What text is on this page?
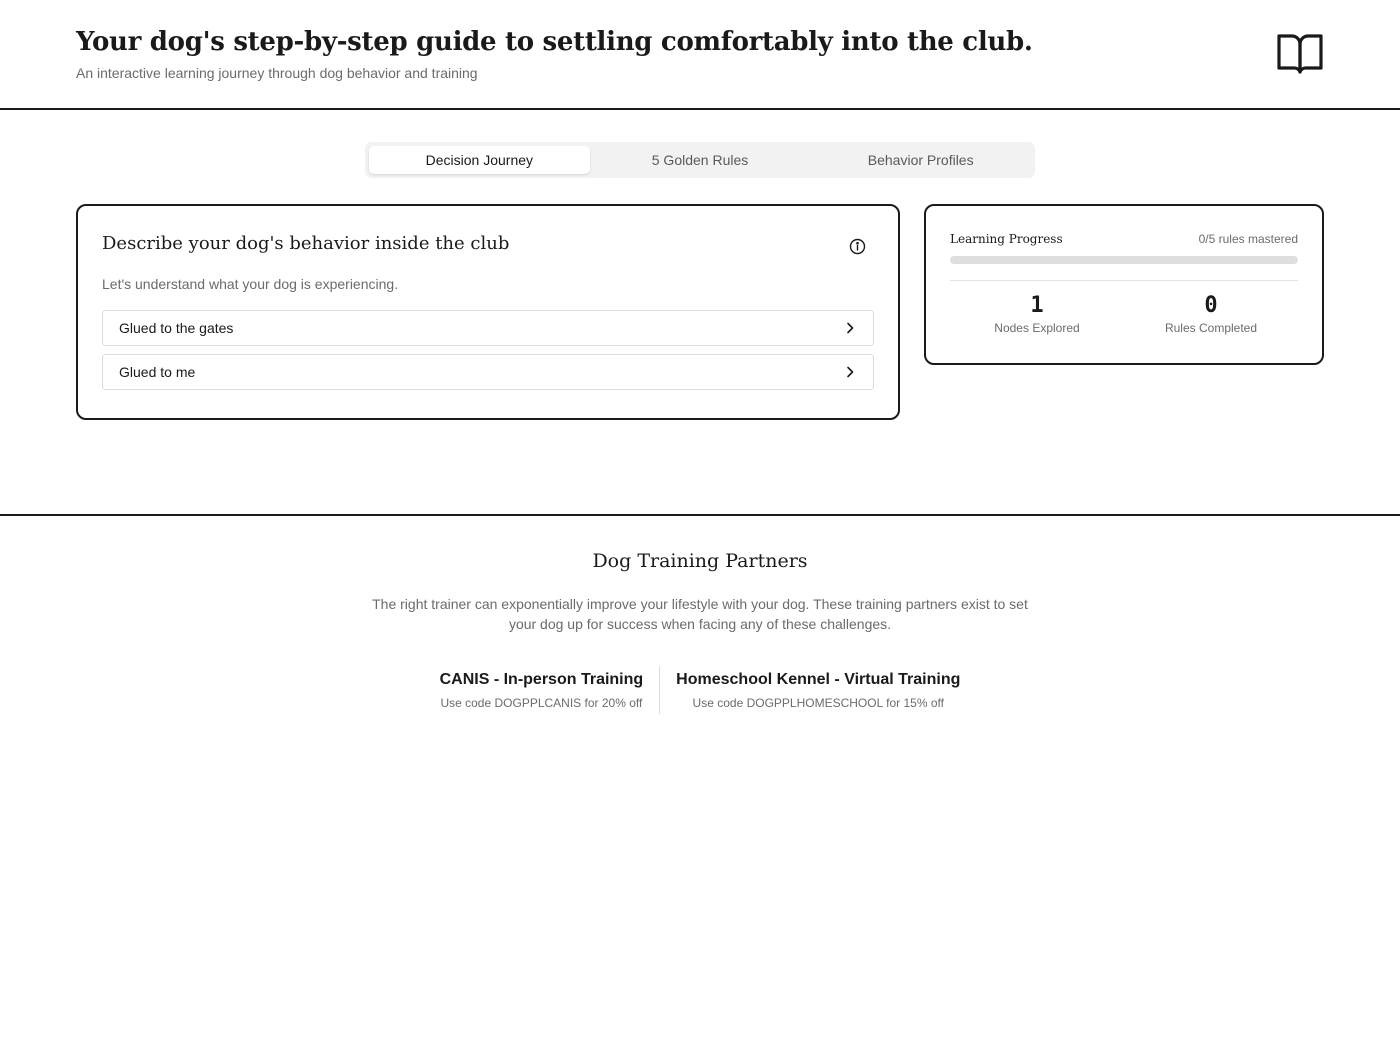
Your dog's step-by-step guide to settling comfortably into the club.
An interactive learning journey through dog behavior and training
Decision Journey	5 Golden Rules	Behavior Profiles
Describe your dog's behavior inside the club
Let's understand what your dog is experiencing.
Glued to the gates
Glued to me
Learning Progress	0/5 rules mastered
1
Nodes Explored
0
Rules Completed
Dog Training Partners

The right trainer can exponentially improve your lifestyle with your dog. These training partners exist to set your dog up for success when facing any of these challenges.

CANIS - In-person Training
Use code DOGPPLCANIS for 20% off
Homeschool Kennel - Virtual Training
Use code DOGPPLHOMESCHOOL for 15% off
